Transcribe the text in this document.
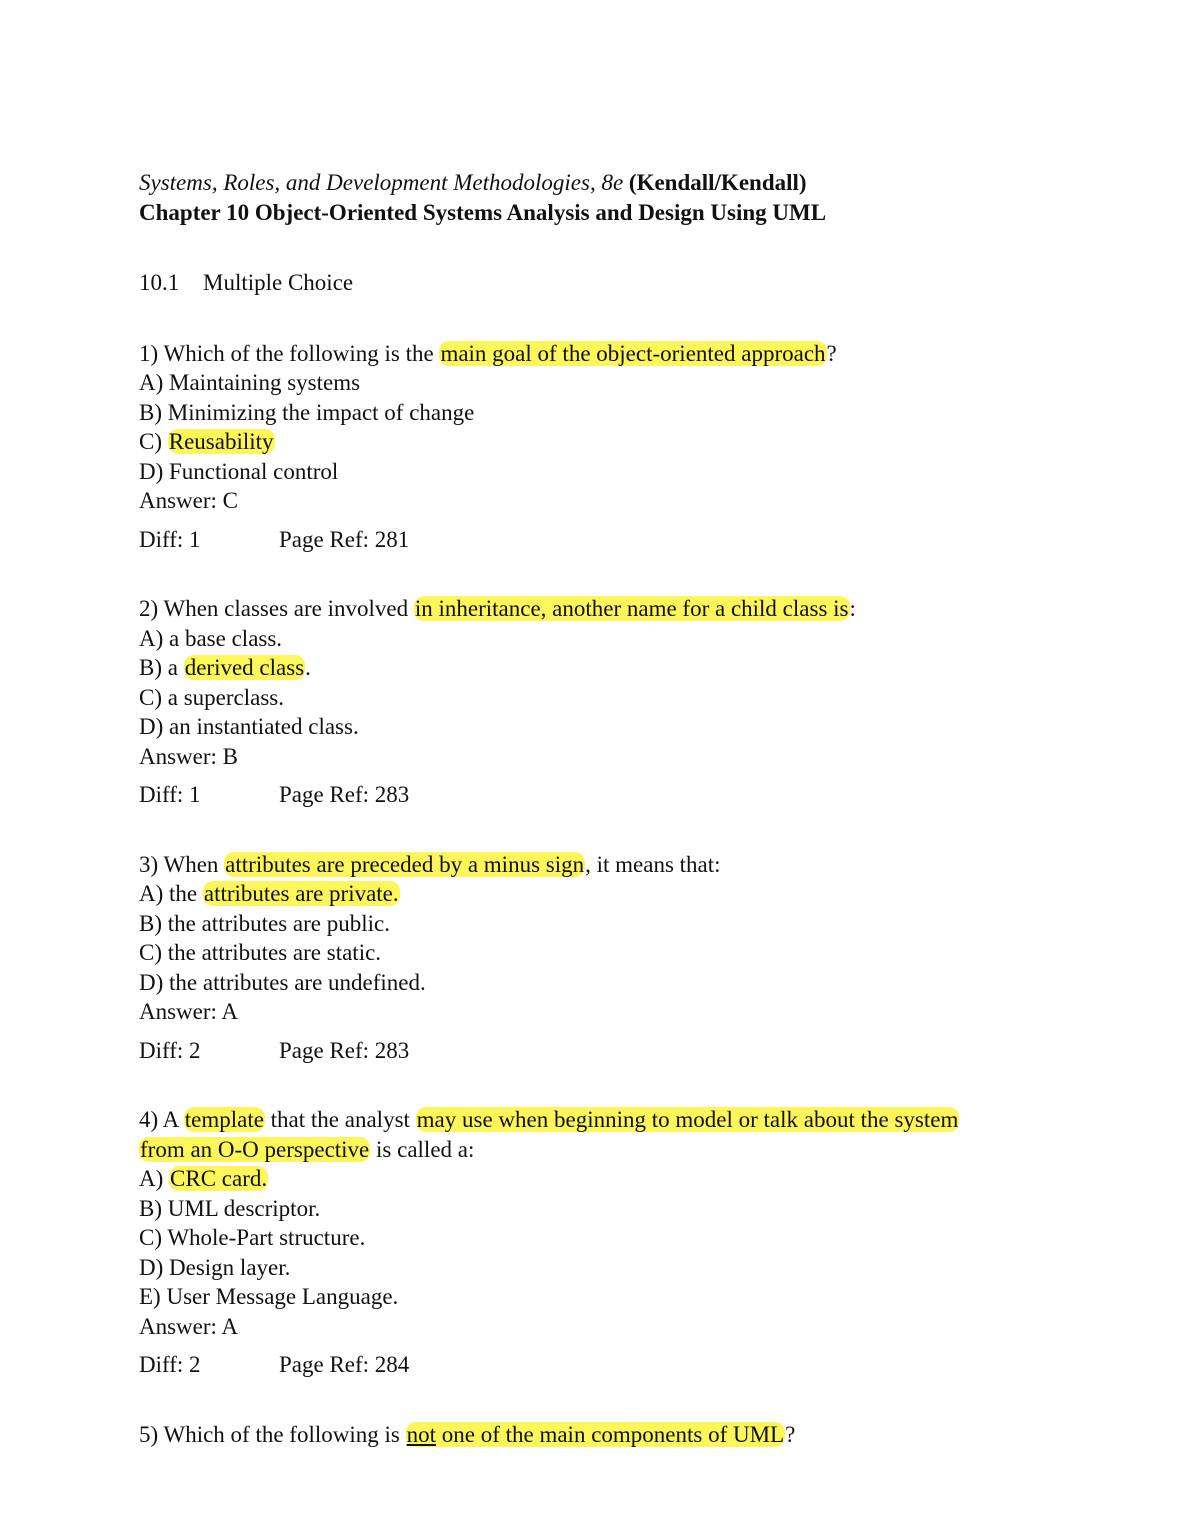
Systems, Roles, and Development Methodologies, 8e (Kendall/Kendall)

Chapter 10 Object-Oriented Systems Analysis and Design Using UML

10.1 Multiple Choice

1) Which of the following is the main goal of the object-oriented approach?

A) Maintaining systems

B) Minimizing the impact of change

C) Reusability

D) Functional control

Answer: C

Diff: 1	Page Ref: 281

2) When classes are involved in inheritance, another name for a child class is:

A) a base class.

B) a derived class.

C) a superclass.

D) an instantiated class.

Answer: B

Diff: 1	Page Ref: 283

3) When attributes are preceded by a minus sign, it means that:

A) the attributes are private.

B) the attributes are public.

C) the attributes are static.

D) the attributes are undefined.

Answer: A

Diff: 2	Page Ref: 283

4) A template that the analyst may use when beginning to model or talk about the system

from an O-O perspective is called a:

A) CRC card.

B) UML descriptor.

C) Whole-Part structure.

D) Design layer.

E) User Message Language.

Answer: A

Diff: 2	Page Ref: 284

5) Which of the following is not one of the main components of UML?
